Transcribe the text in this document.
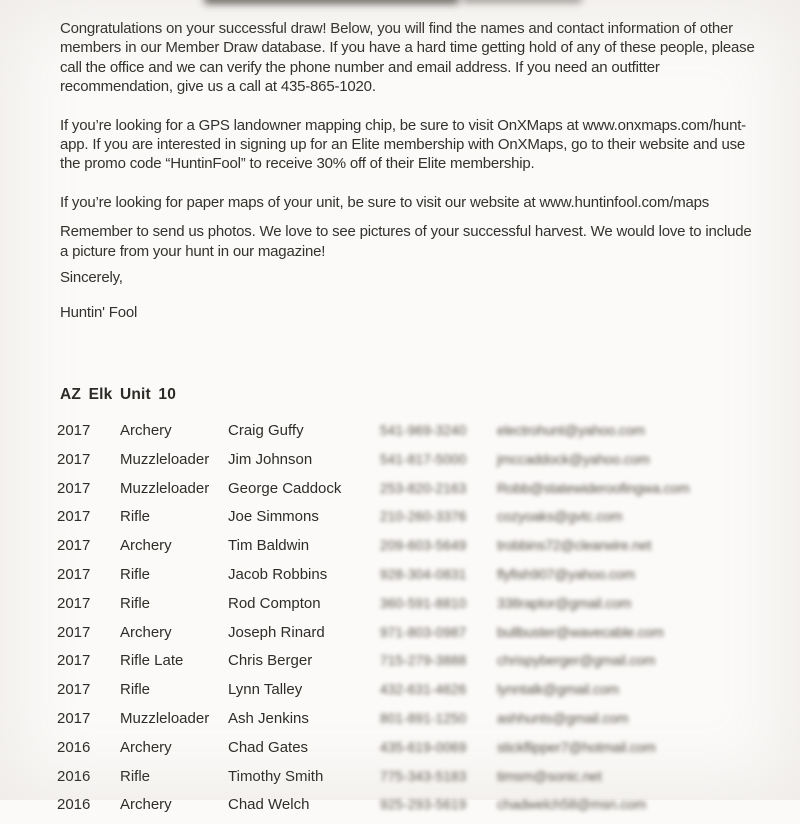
Congratulations on your successful draw! Below, you will find the names and contact information of other members in our Member Draw database. If you have a hard time getting hold of any of these people, please call the office and we can verify the phone number and email address. If you need an outfitter recommendation, give us a call at 435-865-1020.

If you’re looking for a GPS landowner mapping chip, be sure to visit OnXMaps at www.onxmaps.com/hunt-app. If you are interested in signing up for an Elite membership with OnXMaps, go to their website and use the promo code “HuntinFool” to receive 30% off of their Elite membership.

If you’re looking for paper maps of your unit, be sure to visit our website at www.huntinfool.com/maps

Remember to send us photos. We love to see pictures of your successful harvest. We would love to include a picture from your hunt in our magazine!

Sincerely,

Huntin' Fool

AZ Elk Unit 10
2017	Archery	Craig Guffy	541-969-3240	electrohunt@yahoo.com
2017	Muzzleloader	Jim Johnson	541-817-5000	jmccaddock@yahoo.com
2017	Muzzleloader	George Caddock	253-820-2163	Robb@statewideroofingwa.com
2017	Rifle	Joe Simmons	210-260-3376	cozyoaks@gvtc.com
2017	Archery	Tim Baldwin	209-603-5649	trobbins72@clearwire.net
2017	Rifle	Jacob Robbins	928-304-0831	flyfish907@yahoo.com
2017	Rifle	Rod Compton	360-591-8810	338raptor@gmail.com
2017	Archery	Joseph Rinard	971-803-0987	bullbuster@wavecable.com
2017	Rifle Late	Chris Berger	715-279-3888	chrispyberger@gmail.com
2017	Rifle	Lynn Talley	432-631-4626	lynntalk@gmail.com
2017	Muzzleloader	Ash Jenkins	801-891-1250	ashhunts@gmail.com
2016	Archery	Chad Gates	435-619-0069	stickflipper7@hotmail.com
2016	Rifle	Timothy Smith	775-343-5183	timsm@sonic.net
2016	Archery	Chad Welch	925-293-5619	chadwelch58@msn.com
